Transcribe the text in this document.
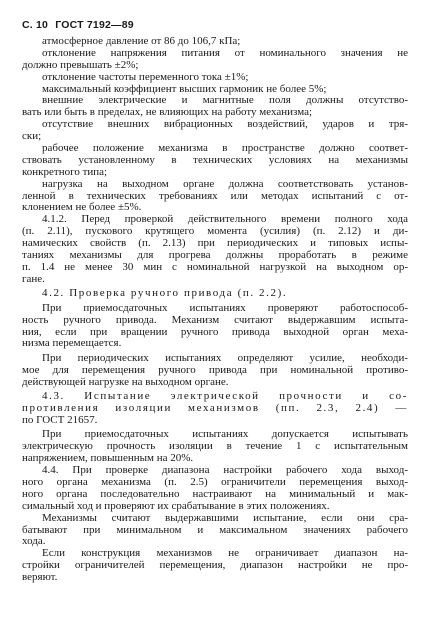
С. 10 ГОСТ 7192—89
атмосферное давление от 86 до 106,7 кПа;
отклонение напряжения питания от номинального значения не
должно превышать ±2%;
отклонение частоты переменного тока ±1%;
максимальный коэффициент высших гармоник не более 5%;
внешние электрические и магнитные поля должны отсутство-
вать или быть в пределах, не влияющих на работу механизма;
отсутствие внешних вибрационных воздействий, ударов и тря-
ски;
рабочее положение механизма в пространстве должно соответ-
ствовать установленному в технических условиях на механизмы
конкретного типа;
нагрузка на выходном органе должна соответствовать установ-
ленной в технических требованиях или методах испытаний с от-
клонением не более ±5%.
4.1.2. Перед проверкой действительного времени полного хода
(п. 2.11), пускового крутящего момента (усилия) (п. 2.12) и ди-
намических свойств (п. 2.13) при периодических и типовых испы-
таниях механизмы для прогрева должны проработать в режиме
п. 1.4 не менее 30 мин с номинальной нагрузкой на выходном ор-
гане.
4.2. Проверка ручного привода (п. 2.2).
При приемосдаточных испытаниях проверяют работоспособ-
ность ручного привода. Механизм считают выдержавшим испыта-
ния, если при вращении ручного привода выходной орган меха-
низма перемещается.
При периодических испытаниях определяют усилие, необходи-
мое для перемещения ручного привода при номинальной противо-
действующей нагрузке на выходном органе.
4.3. Испытание электрической прочности и со-
противления изоляции механизмов (пп. 2.3, 2.4) —
по ГОСТ 21657.
При приемосдаточных испытаниях допускается испытывать
электрическую прочность изоляции в течение 1 с испытательным
напряжением, повышенным на 20%.
4.4. При проверке диапазона настройки рабочего хода выход-
ного органа механизма (п. 2.5) ограничители перемещения выход-
ного органа последовательно настраивают на минимальный и мак-
симальный ход и проверяют их срабатывание в этих положениях.
Механизмы считают выдержавшими испытание, если они сра-
батывают при минимальном и максимальном значениях рабочего
хода.
Если конструкция механизмов не ограничивает диапазон на-
стройки ограничителей перемещения, диапазон настройки не про-
веряют.
